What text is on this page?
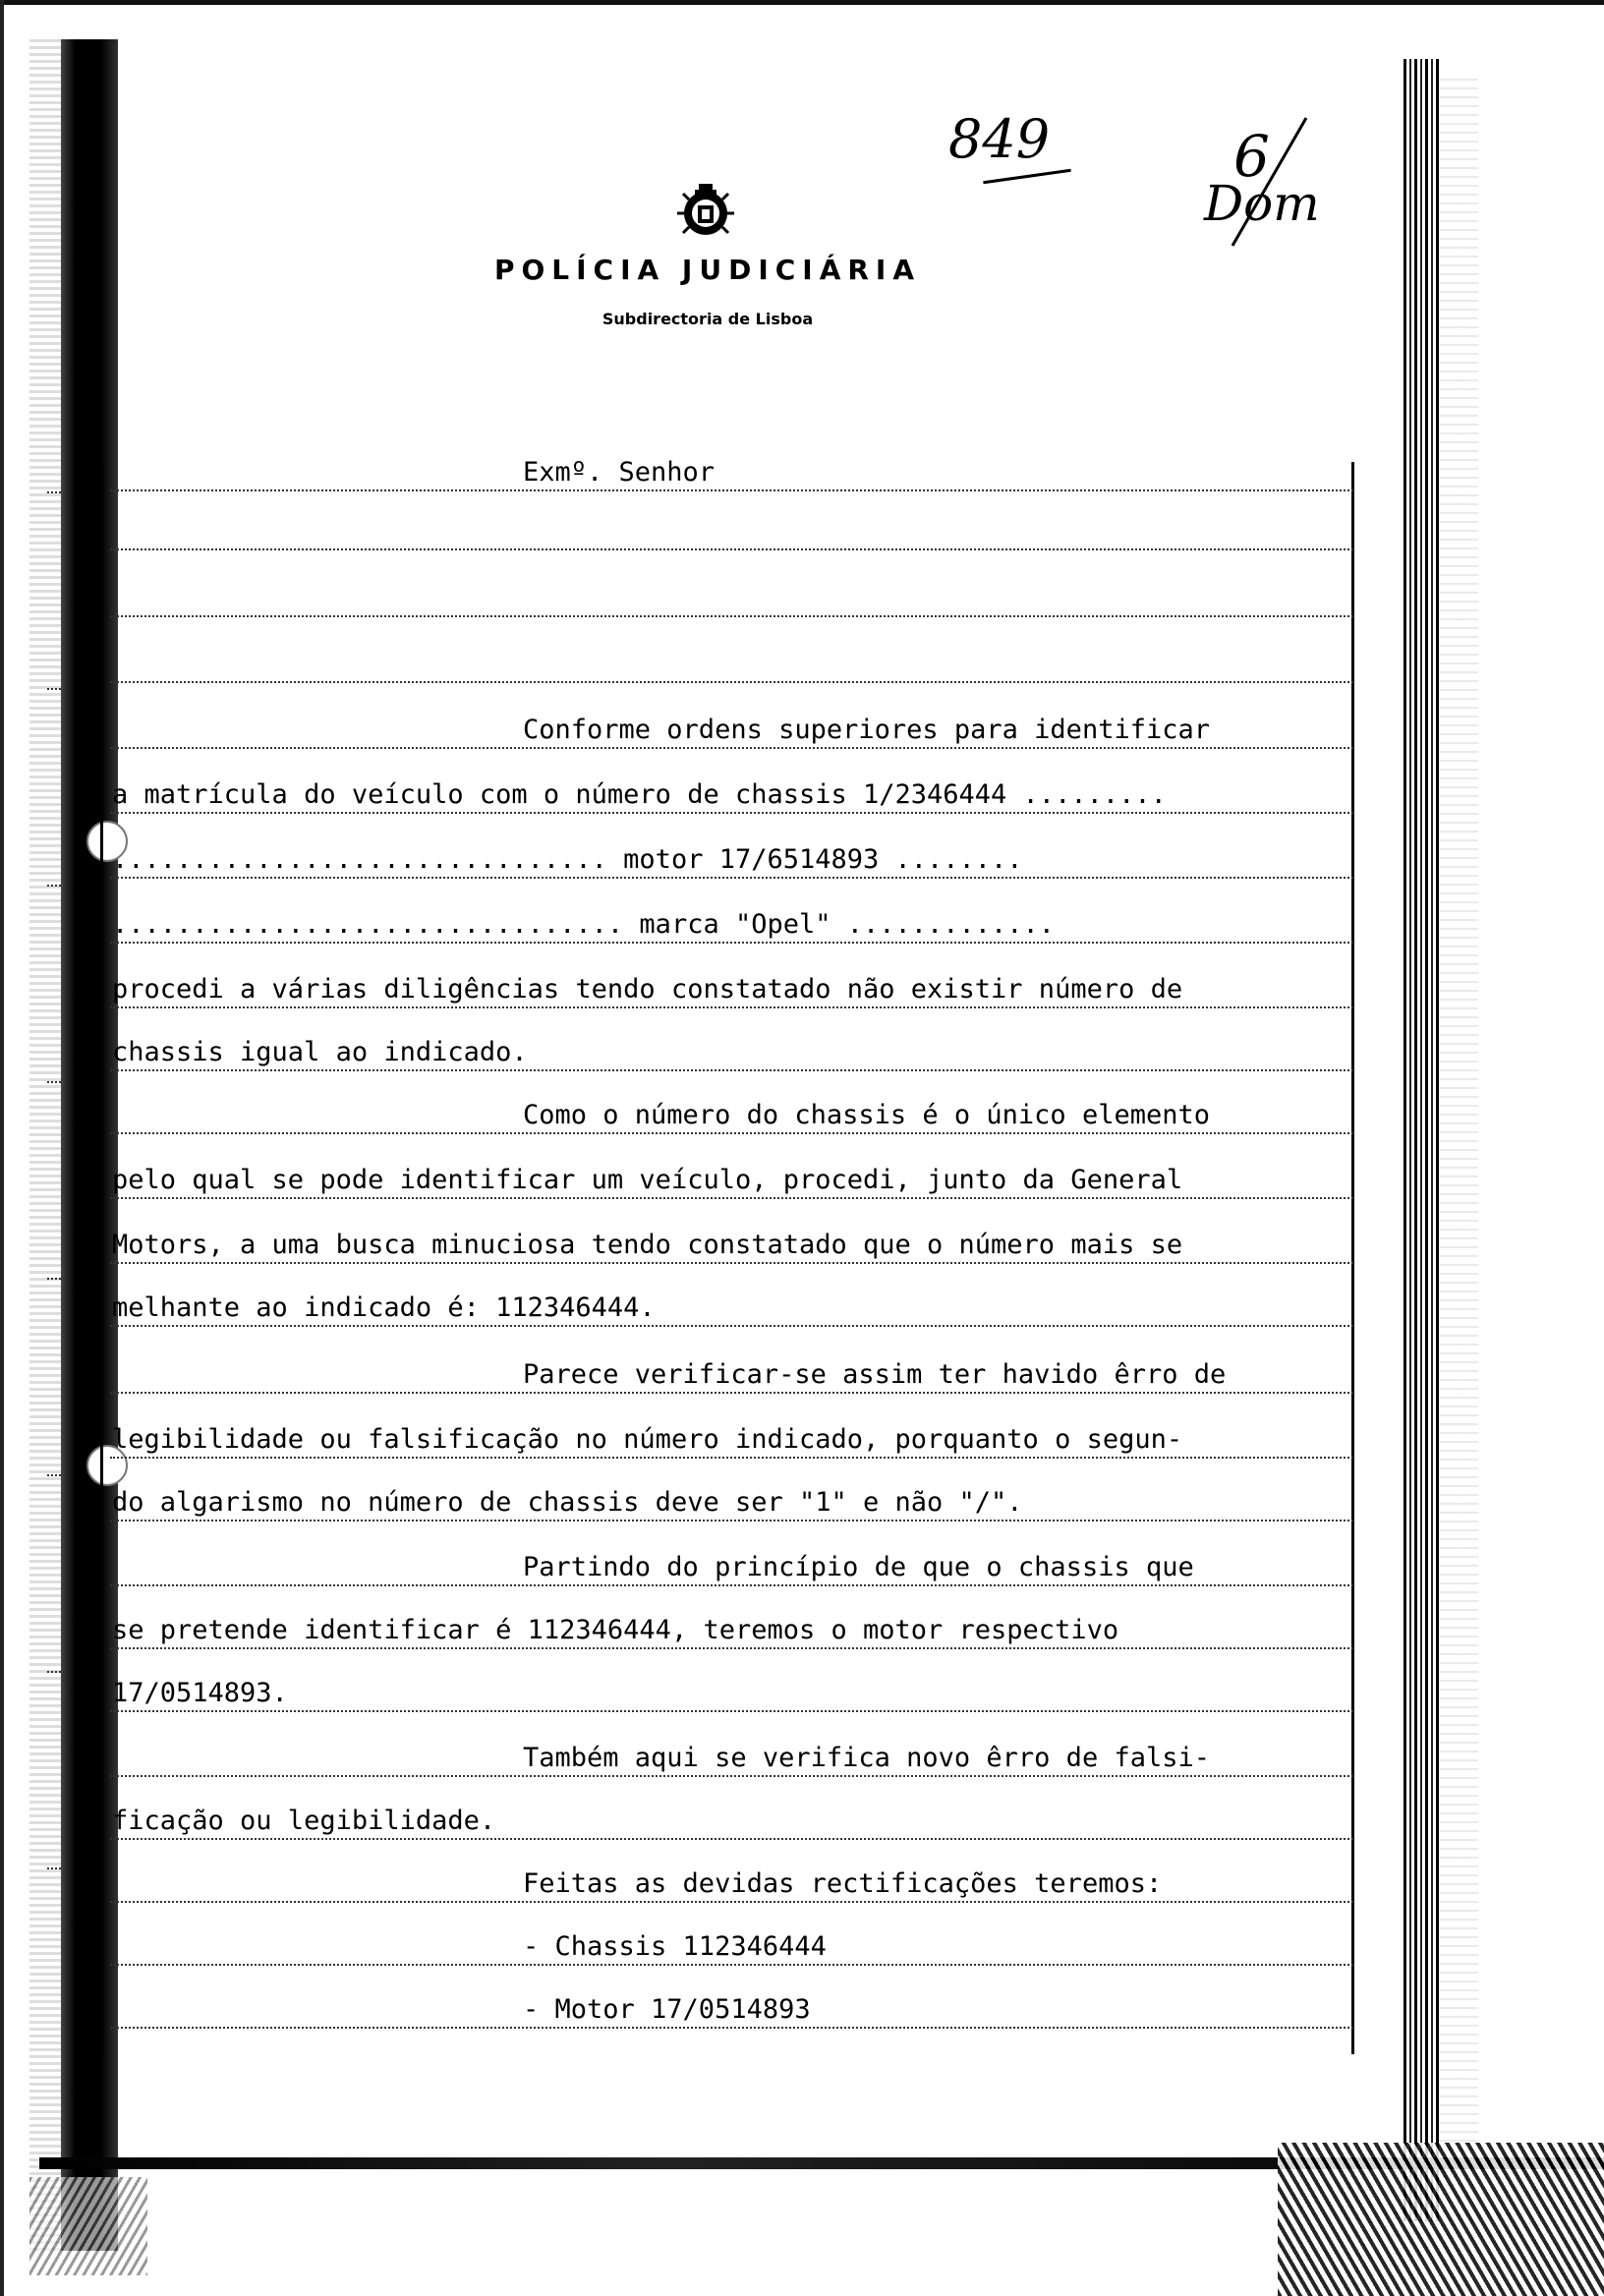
849	6
Dom
POLÍCIA JUDICIÁRIA
Subdirectoria de Lisboa
Exmº. Senhor
Conforme ordens superiores para identificar
a matrícula do veículo com o número de chassis 1/2346444 .........
............................... motor 17/6514893 ........
................................ marca "Opel" .............
procedi a várias diligências tendo constatado não existir número de
chassis igual ao indicado.
Como o número do chassis é o único elemento
pelo qual se pode identificar um veículo, procedi, junto da General
Motors, a uma busca minuciosa tendo constatado que o número mais se
melhante ao indicado é: 112346444.
Parece verificar-se assim ter havido êrro de
legibilidade ou falsificação no número indicado, porquanto o segun-
do algarismo no número de chassis deve ser "1" e não "/".
Partindo do princípio de que o chassis que
se pretende identificar é 112346444, teremos o motor respectivo
17/0514893.
Também aqui se verifica novo êrro de falsi-
ficação ou legibilidade.
Feitas as devidas rectificações teremos:
- Chassis 112346444
- Motor 17/0514893
